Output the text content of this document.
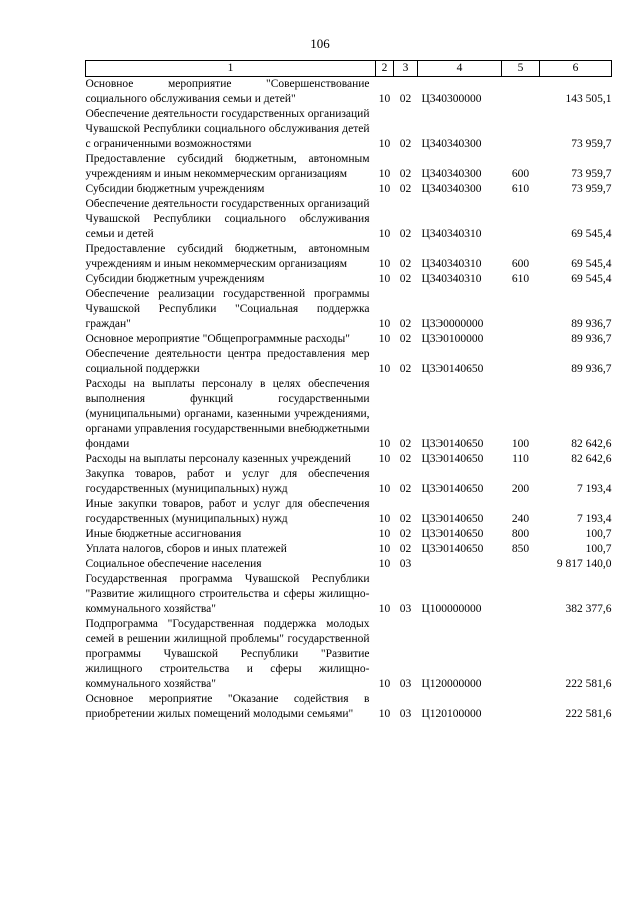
106
1	2	3	4	5	6
Основное мероприятие "Совершенствование социального обслуживания семьи и детей"	10	02	Ц340300000		143 505,1
Обеспечение деятельности государственных организаций Чувашской Республики социального обслуживания детей с ограниченными возможностями	10	02	Ц340340300		73 959,7
Предоставление субсидий бюджетным, автономным учреждениям и иным некоммерческим организациям	10	02	Ц340340300	600	73 959,7
Субсидии бюджетным учреждениям	10	02	Ц340340300	610	73 959,7
Обеспечение деятельности государственных организаций Чувашской Республики социального обслуживания семьи и детей	10	02	Ц340340310		69 545,4
Предоставление субсидий бюджетным, автономным учреждениям и иным некоммерческим организациям	10	02	Ц340340310	600	69 545,4
Субсидии бюджетным учреждениям	10	02	Ц340340310	610	69 545,4
Обеспечение реализации государственной программы Чувашской Республики "Социальная поддержка граждан"	10	02	Ц3Э0000000		89 936,7
Основное мероприятие "Общепрограммные расходы"	10	02	Ц3Э0100000		89 936,7
Обеспечение деятельности центра предоставления мер социальной поддержки	10	02	Ц3Э0140650		89 936,7
Расходы на выплаты персоналу в целях обеспечения выполнения функций государственными (муниципальными) органами, казенными учреждениями, органами управления государственными внебюджетными фондами	10	02	Ц3Э0140650	100	82 642,6
Расходы на выплаты персоналу казенных учреждений	10	02	Ц3Э0140650	110	82 642,6
Закупка товаров, работ и услуг для обеспечения государственных (муниципальных) нужд	10	02	Ц3Э0140650	200	7 193,4
Иные закупки товаров, работ и услуг для обеспечения государственных (муниципальных) нужд	10	02	Ц3Э0140650	240	7 193,4
Иные бюджетные ассигнования	10	02	Ц3Э0140650	800	100,7
Уплата налогов, сборов и иных платежей	10	02	Ц3Э0140650	850	100,7
Социальное обеспечение населения	10	03			9 817 140,0
Государственная программа Чувашской Республики "Развитие жилищного строительства и сферы жилищно-коммунального хозяйства"	10	03	Ц100000000		382 377,6
Подпрограмма "Государственная поддержка молодых семей в решении жилищной проблемы" государственной программы Чувашской Республики "Развитие жилищного строительства и сферы жилищно-коммунального хозяйства"	10	03	Ц120000000		222 581,6
Основное мероприятие "Оказание содействия в приобретении жилых помещений молодыми семьями"	10	03	Ц120100000		222 581,6
